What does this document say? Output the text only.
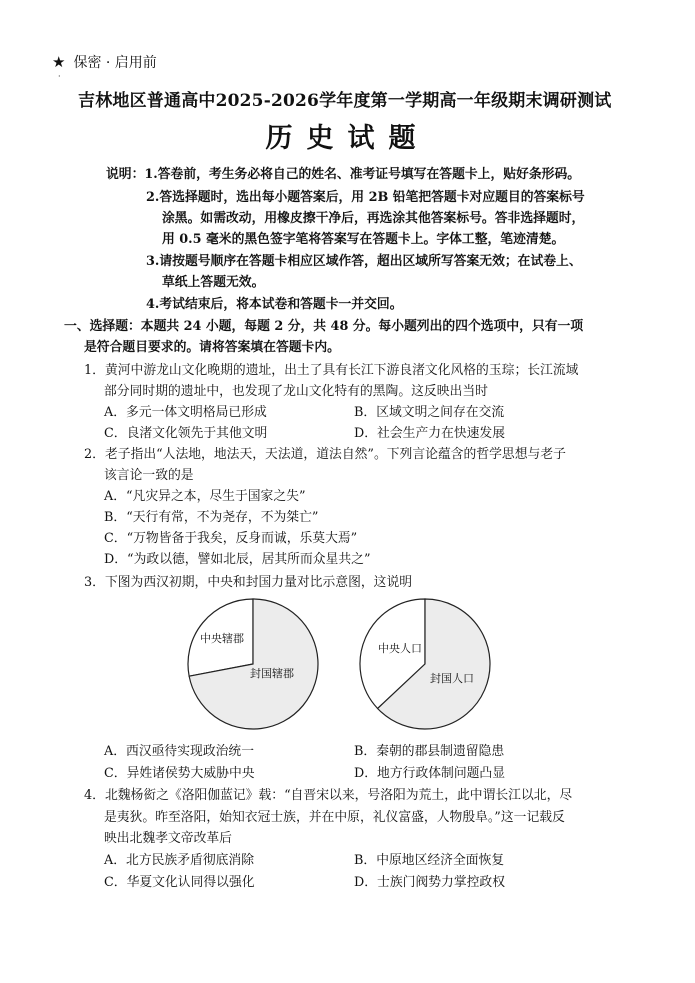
★ 保密 · 启用前
·
吉林地区普通高中2025-2026学年度第一学期高一年级期末调研测试
历史试题
说明：1.答卷前，考生务必将自己的姓名、准考证号填写在答题卡上，贴好条形码。
2.答选择题时，选出每小题答案后，用 2B 铅笔把答题卡对应题目的答案标号
涂黑。如需改动，用橡皮擦干净后，再选涂其他答案标号。答非选择题时，
用 0.5 毫米的黑色签字笔将答案写在答题卡上。字体工整，笔迹清楚。
3.请按题号顺序在答题卡相应区域作答，超出区域所写答案无效；在试卷上、
草纸上答题无效。
4.考试结束后，将本试卷和答题卡一并交回。
一、选择题：本题共 24 小题，每题 2 分，共 48 分。每小题列出的四个选项中，只有一项
是符合题目要求的。请将答案填在答题卡内。
1．黄河中游龙山文化晚期的遗址，出土了具有长江下游良渚文化风格的玉琮；长江流域
部分同时期的遗址中，也发现了龙山文化特有的黑陶。这反映出当时
A．多元一体文明格局已形成	B．区域文明之间存在交流
C．良渚文化领先于其他文明	D．社会生产力在快速发展
2．老子指出“人法地，地法天，天法道，道法自然”。下列言论蕴含的哲学思想与老子
该言论一致的是
A．“凡灾异之本，尽生于国家之失”
B．“天行有常，不为尧存，不为桀亡”
C．“万物皆备于我矣，反身而诚，乐莫大焉”
D．“为政以德，譬如北辰，居其所而众星共之”
3．下图为西汉初期，中央和封国力量对比示意图，这说明
中央辖郡
封国辖郡
中央人口
封国人口
A．西汉亟待实现政治统一	B．秦朝的郡县制遗留隐患
C．异姓诸侯势大威胁中央	D．地方行政体制问题凸显
4．北魏杨衒之《洛阳伽蓝记》载：“自晋宋以来，号洛阳为荒土，此中谓长江以北，尽
是夷狄。昨至洛阳，始知衣冠士族，并在中原，礼仪富盛，人物殷阜。”这一记载反
映出北魏孝文帝改革后
A．北方民族矛盾彻底消除	B．中原地区经济全面恢复
C．华夏文化认同得以强化	D．士族门阀势力掌控政权
